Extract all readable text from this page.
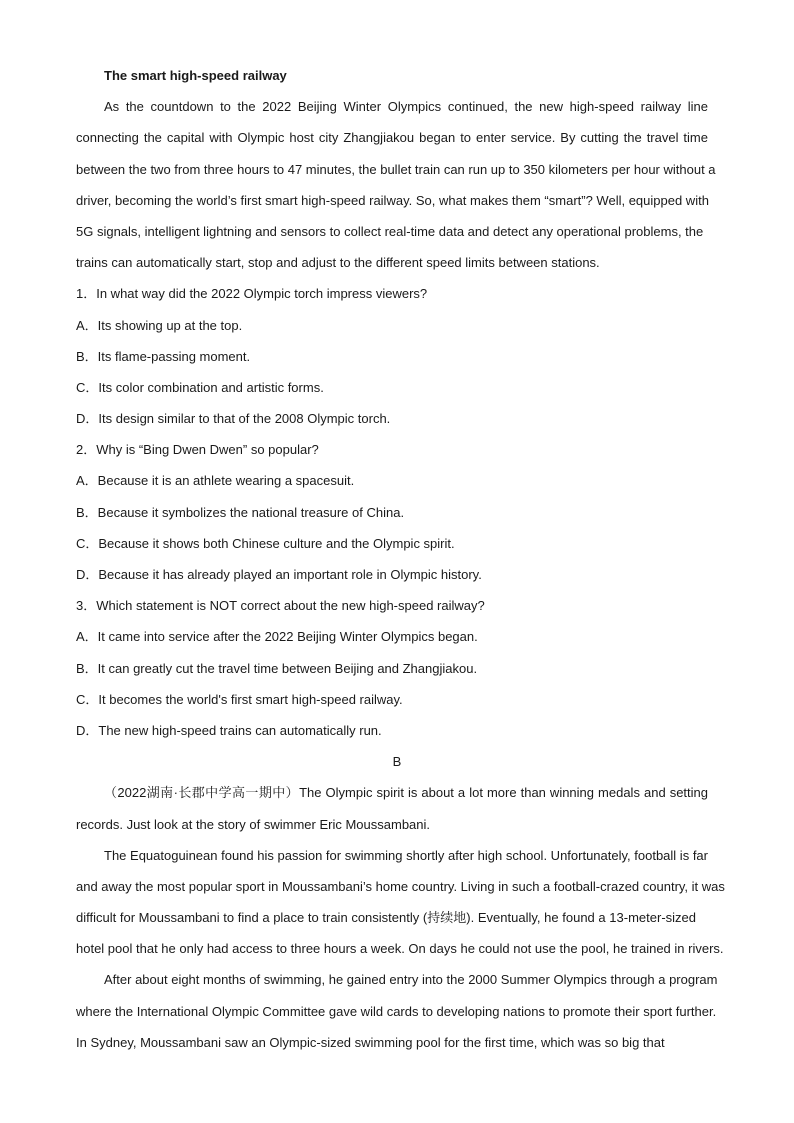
The smart high-speed railway
As the countdown to the 2022 Beijing Winter Olympics continued, the new high-speed railway line
connecting the capital with Olympic host city Zhangjiakou began to enter service. By cutting the travel time
between the two from three hours to 47 minutes, the bullet train can run up to 350 kilometers per hour without a
driver, becoming the world’s first smart high-speed railway. So, what makes them “smart”? Well, equipped with
5G signals, intelligent lightning and sensors to collect real-time data and detect any operational problems, the
trains can automatically start, stop and adjust to the different speed limits between stations.
1．In what way did the 2022 Olympic torch impress viewers?
A．Its showing up at the top.
B．Its flame-passing moment.
C．Its color combination and artistic forms.
D．Its design similar to that of the 2008 Olympic torch.
2．Why is “Bing Dwen Dwen” so popular?
A．Because it is an athlete wearing a spacesuit.
B．Because it symbolizes the national treasure of China.
C．Because it shows both Chinese culture and the Olympic spirit.
D．Because it has already played an important role in Olympic history.
3．Which statement is NOT correct about the new high-speed railway?
A．It came into service after the 2022 Beijing Winter Olympics began.
B．It can greatly cut the travel time between Beijing and Zhangjiakou.
C．It becomes the world's first smart high-speed railway.
D．The new high-speed trains can automatically run.
B
（2022湖南·长郡中学高一期中）The Olympic spirit is about a lot more than winning medals and setting
records. Just look at the story of swimmer Eric Moussambani.
The Equatoguinean found his passion for swimming shortly after high school. Unfortunately, football is far
and away the most popular sport in Moussambani’s home country. Living in such a football-crazed country, it was
difficult for Moussambani to find a place to train consistently (持续地). Eventually, he found a 13-meter-sized
hotel pool that he only had access to three hours a week. On days he could not use the pool, he trained in rivers.
After about eight months of swimming, he gained entry into the 2000 Summer Olympics through a program
where the International Olympic Committee gave wild cards to developing nations to promote their sport further.
In Sydney, Moussambani saw an Olympic-sized swimming pool for the first time, which was so big that
